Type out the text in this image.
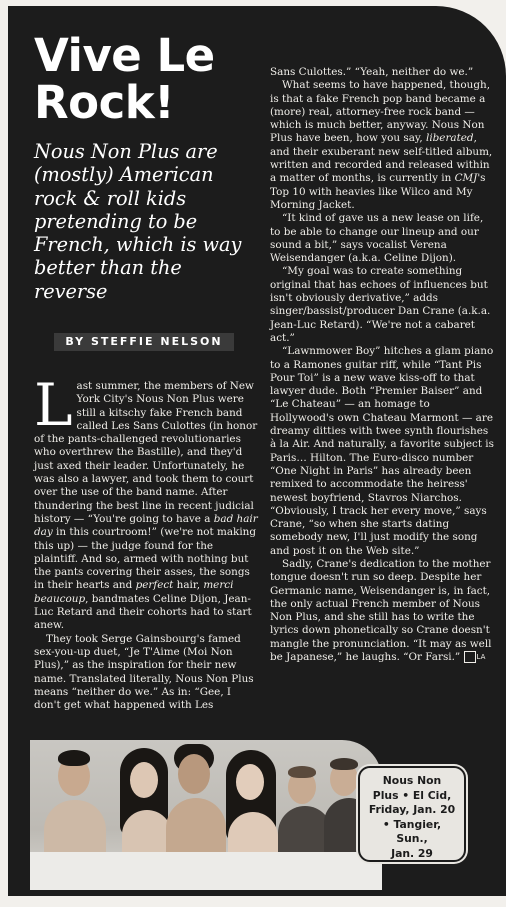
Vive Le
Rock!
Nous Non Plus are (mostly) American rock & roll kids pretending to be French, which is way better than the reverse
BY STEFFIE NELSON

Last summer, the members of New York City's Nous Non Plus were still a kitschy fake French band called Les Sans Culottes (in honor of the pants-challenged revolutionaries who overthrew the Bastille), and they'd just axed their leader. Unfortunately, he was also a lawyer, and took them to court over the use of the band name. After thundering the best line in recent judicial history — “You're going to have a bad hair day in this courtroom!” (we're not making this up) — the judge found for the plaintiff. And so, armed with nothing but the pants covering their asses, the songs in their hearts and perfect hair, merci beaucoup, bandmates Celine Dijon, Jean-Luc Retard and their cohorts had to start anew.

They took Serge Gainsbourg's famed sex-you-up duet, “Je T'Aime (Moi Non Plus),” as the inspiration for their new name. Translated literally, Nous Non Plus means “neither do we.” As in: “Gee, I don't get what happened with Les

Sans Culottes.” “Yeah, neither do we.”

What seems to have happened, though, is that a fake French pop band became a (more) real, attorney-free rock band — which is much better, anyway. Nous Non Plus have been, how you say, liberated, and their exuberant new self-titled album, written and recorded and released within a matter of months, is currently in CMJ's Top 10 with heavies like Wilco and My Morning Jacket.

“It kind of gave us a new lease on life, to be able to change our lineup and our sound a bit,” says vocalist Verena Weisendanger (a.k.a. Celine Dijon).

“My goal was to create something original that has echoes of influences but isn't obviously derivative,” adds singer/bassist/producer Dan Crane (a.k.a. Jean-Luc Retard). “We're not a cabaret act.”

“Lawnmower Boy” hitches a glam piano to a Ramones guitar riff, while “Tant Pis Pour Toi” is a new wave kiss-off to that lawyer dude. Both “Premier Baiser” and “Le Chateau” — an homage to Hollywood's own Chateau Marmont — are dreamy ditties with twee synth flourishes à la Air. And naturally, a favorite subject is Paris… Hilton. The Euro-disco number “One Night in Paris” has already been remixed to accommodate the heiress' newest boyfriend, Stavros Niarchos. “Obviously, I track her every move,” says Crane, “so when she starts dating somebody new, I'll just modify the song and post it on the Web site.”

Sadly, Crane's dedication to the mother tongue doesn't run so deep. Despite her Germanic name, Weisendanger is, in fact, the only actual French member of Nous Non Plus, and she still has to write the lyrics down phonetically so Crane doesn't mangle the pronunciation. “It may as well be Japanese,” he laughs. “Or Farsi.” LA

Nous Non
Plus • El Cid,
Friday, Jan. 20
• Tangier, Sun.,
Jan. 29
